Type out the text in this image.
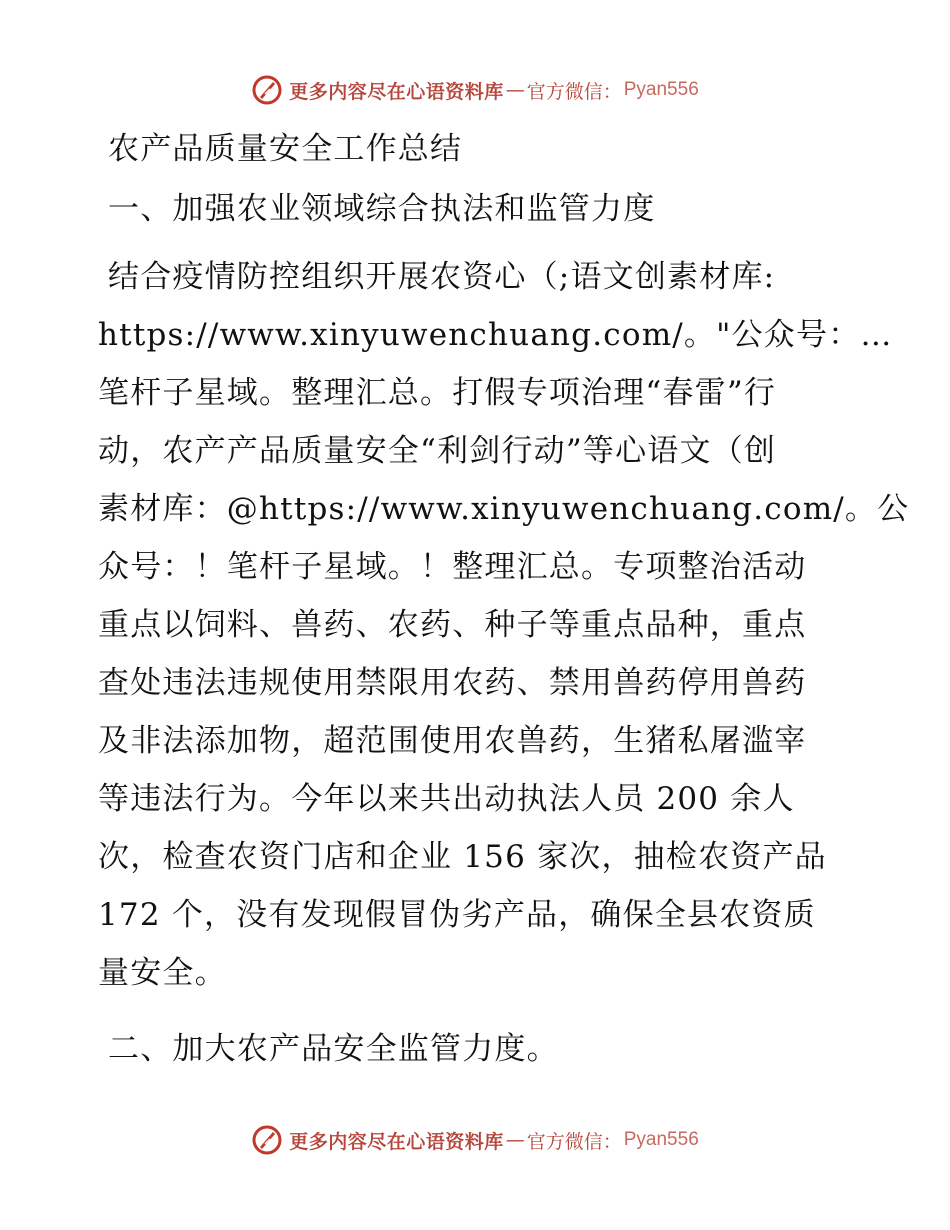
更多内容尽在心语资料库 — 官方微信： Pyan556
农产品质量安全工作总结
一、加强农业领域综合执法和监管力度
结合疫情防控组织开展农资心（;语文创素材库:
https://www.xinyuwenchuang.com/。"公众号：…
笔杆子星域。整理汇总。打假专项治理“春雷”行
动，农产产品质量安全“利剑行动”等心语文（创
素材库：@https://www.xinyuwenchuang.com/。公
众号：！笔杆子星域。！整理汇总。专项整治活动
重点以饲料、兽药、农药、种子等重点品种，重点
查处违法违规使用禁限用农药、禁用兽药停用兽药
及非法添加物，超范围使用农兽药，生猪私屠滥宰
等违法行为。今年以来共出动执法人员 200 余人
次，检查农资门店和企业 156 家次，抽检农资产品
172 个，没有发现假冒伪劣产品，确保全县农资质
量安全。
二、加大农产品安全监管力度。
更多内容尽在心语资料库 — 官方微信： Pyan556
